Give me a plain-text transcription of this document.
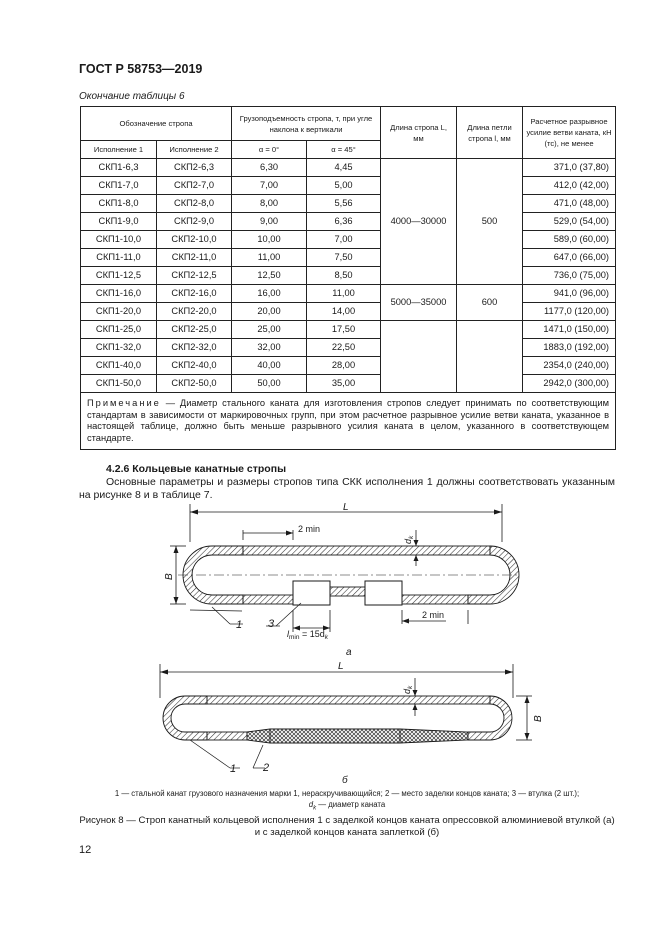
ГОСТ Р 58753—2019
Окончание таблицы 6
Обозначение стропа		Грузоподъемность стропа, т, при угле наклона к вертикали		Длина стропа L, мм	Длина петли стропа l, мм	Расчетное разрывное усилие ветви каната, кН (тс), не менее
Исполнение 1	Исполнение 2	α = 0°	α = 45°			
СКП1-6,3	СКП2-6,3	6,30	4,45	4000—30000	500	371,0 (37,80)
СКП1-7,0	СКП2-7,0	7,00	5,00			412,0 (42,00)
СКП1-8,0	СКП2-8,0	8,00	5,56			471,0 (48,00)
СКП1-9,0	СКП2-9,0	9,00	6,36			529,0 (54,00)
СКП1-10,0	СКП2-10,0	10,00	7,00			589,0 (60,00)
СКП1-11,0	СКП2-11,0	11,00	7,50			647,0 (66,00)
СКП1-12,5	СКП2-12,5	12,50	8,50			736,0 (75,00)
СКП1-16,0	СКП2-16,0	16,00	11,00	5000—35000	600	941,0 (96,00)
СКП1-20,0	СКП2-20,0	20,00	14,00			1177,0 (120,00)
СКП1-25,0	СКП2-25,0	25,00	17,50			1471,0 (150,00)
СКП1-32,0	СКП2-32,0	32,00	22,50			1883,0 (192,00)
СКП1-40,0	СКП2-40,0	40,00	28,00			2354,0 (240,00)
СКП1-50,0	СКП2-50,0	50,00	35,00			2942,0 (300,00)
Примечание — Диаметр стального каната для изготовления стропов следует принимать по соответствующим стандартам в зависимости от маркировочных групп, при этом расчетное разрывное усилие ветви каната, указанное в настоящей таблице, должно быть меньше разрывного усилия каната в целом, указанного в соответствующем стандарте.						
4.2.6 Кольцевые канатные стропы
Основные параметры и размеры стропов типа СКК исполнения 1 должны соответствовать указанным на рисунке 8 и в таблице 7.
L
B
2 min
2 min
$d_k$
$l_{min} = 15d_k$
1 3
а
L
B
$d_k$
1 2
б
1 — стальной канат грузового назначения марки 1, нераскручивающийся; 2 — место заделки концов каната; 3 — втулка (2 шт.);
$d_k$ — диаметр каната
Рисунок 8 — Строп канатный кольцевой исполнения 1 с заделкой концов каната опрессовкой алюминиевой втулкой (а) и с заделкой концов каната заплеткой (б)
12
